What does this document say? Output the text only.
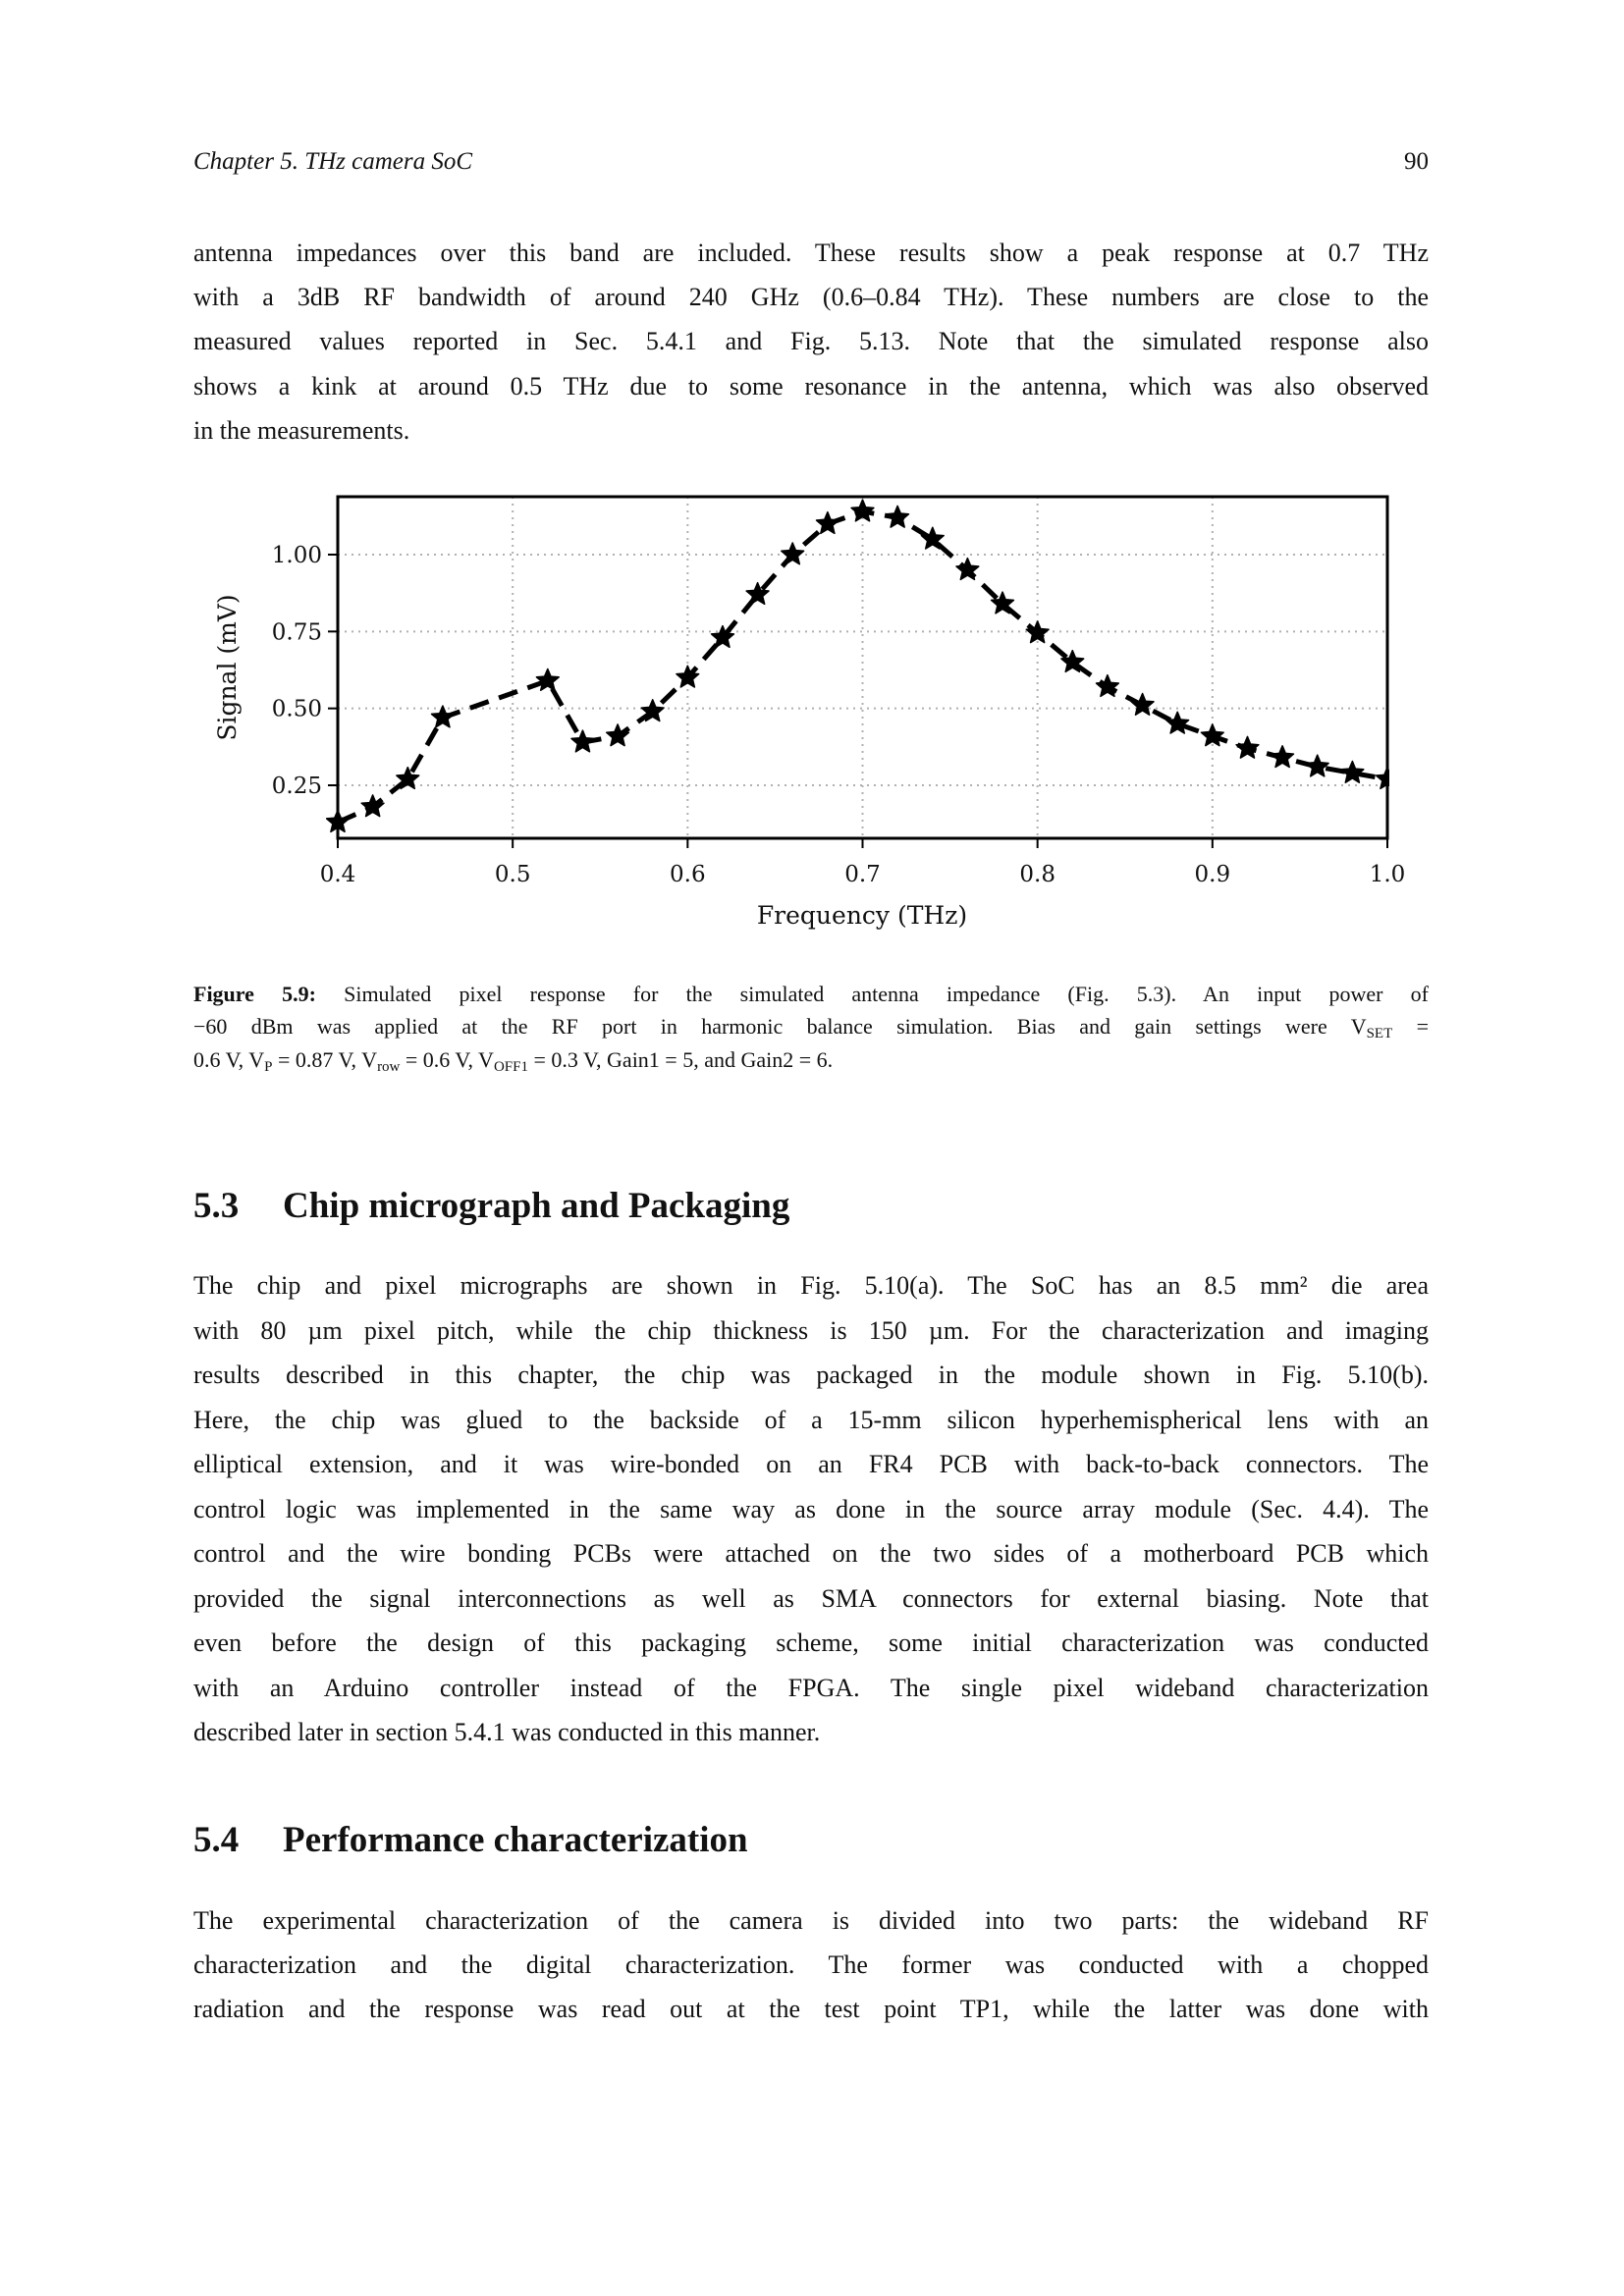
Chapter 5. THz camera SoC	90
antenna impedances over this band are included. These results show a peak response at 0.7 THz
with a 3dB RF bandwidth of around 240 GHz (0.6–0.84 THz). These numbers are close to the
measured values reported in Sec. 5.4.1 and Fig. 5.13. Note that the simulated response also
shows a kink at around 0.5 THz due to some resonance in the antenna, which was also observed
in the measurements.
0.4	0.5	0.6	0.7	0.8	0.9	1.0
0.25
0.50
0.75
1.00
Frequency (THz)
Signal (mV)
Figure 5.9: Simulated pixel response for the simulated antenna impedance (Fig. 5.3). An input power of
−60 dBm was applied at the RF port in harmonic balance simulation. Bias and gain settings were $V_{SET}$ =
0.6 V, $V_P = 0.87$ V, $V_{row} = 0.6$ V, $V_{OFF1} = 0.3$ V, Gain1 = 5, and Gain2 = 6.
5.3 Chip micrograph and Packaging
The chip and pixel micrographs are shown in Fig. 5.10(a). The SoC has an 8.5 mm² die area
with 80 µm pixel pitch, while the chip thickness is 150 µm. For the characterization and imaging
results described in this chapter, the chip was packaged in the module shown in Fig. 5.10(b).
Here, the chip was glued to the backside of a 15-mm silicon hyperhemispherical lens with an
elliptical extension, and it was wire-bonded on an FR4 PCB with back-to-back connectors. The
control logic was implemented in the same way as done in the source array module (Sec. 4.4). The
control and the wire bonding PCBs were attached on the two sides of a motherboard PCB which
provided the signal interconnections as well as SMA connectors for external biasing. Note that
even before the design of this packaging scheme, some initial characterization was conducted
with an Arduino controller instead of the FPGA. The single pixel wideband characterization
described later in section 5.4.1 was conducted in this manner.
5.4 Performance characterization
The experimental characterization of the camera is divided into two parts: the wideband RF
characterization and the digital characterization. The former was conducted with a chopped
radiation and the response was read out at the test point TP1, while the latter was done with
